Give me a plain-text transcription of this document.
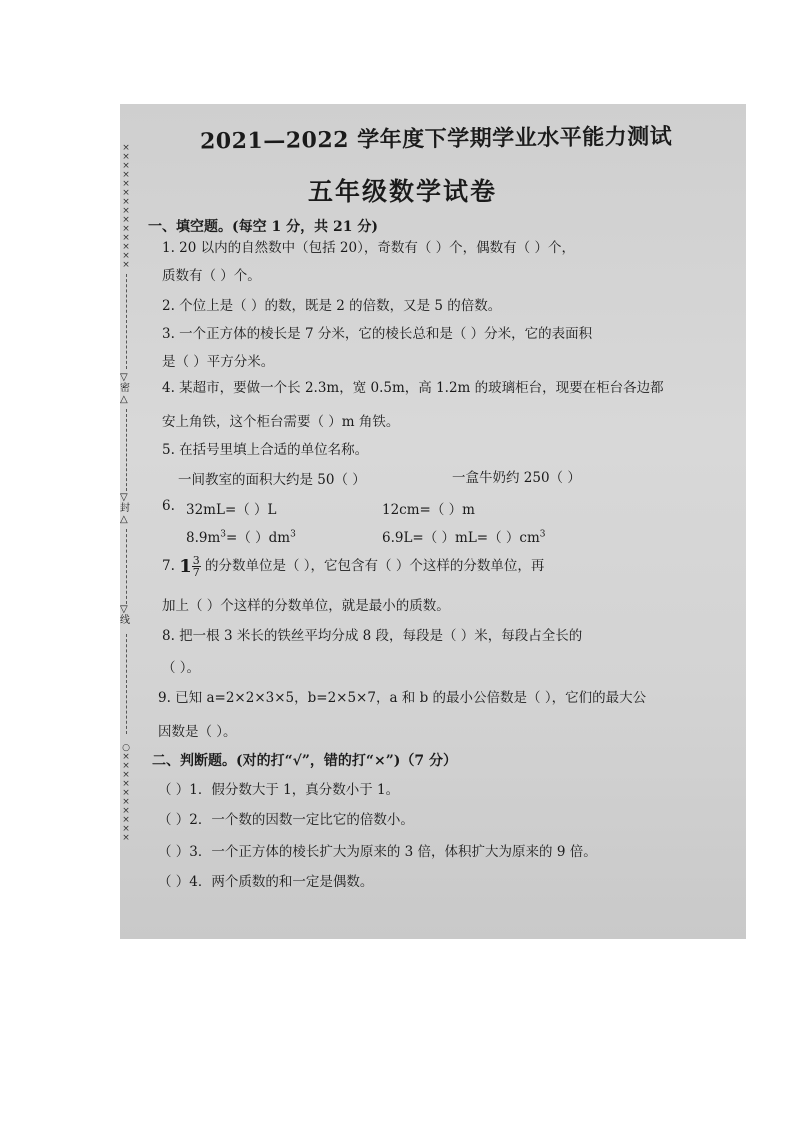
××××××××××××××
▽
密
△
▽
封
△
▽
线
○××××××××××
2021—2022 学年度下学期学业水平能力测试
五年级数学试卷
一、填空题。(每空 1 分，共 21 分)
1. 20 以内的自然数中（包括 20），奇数有（ ）个，偶数有（ ）个，
质数有（ ）个。
2. 个位上是（ ）的数，既是 2 的倍数，又是 5 的倍数。
3. 一个正方体的棱长是 7 分米，它的棱长总和是（ ）分米，它的表面积
是（ ）平方分米。
4. 某超市，要做一个长 2.3m，宽 0.5m，高 1.2m 的玻璃柜台，现要在柜台各边都
安上角铁，这个柜台需要（ ）m 角铁。
5. 在括号里填上合适的单位名称。
一间教室的面积大约是 50（ ）	一盒牛奶约 250（ ）
6. 32mL=（ ）L	12cm=（ ）m
$8.9m^3=$（ ）$dm^3$	6.9L=（ ）mL=（ ）$cm^3$
7. $1 \frac{3}{7}$ 的分数单位是（ ），它包含有（ ）个这样的分数单位，再
加上（ ）个这样的分数单位，就是最小的质数。
8. 把一根 3 米长的铁丝平均分成 8 段，每段是（ ）米，每段占全长的
（ ）。
9. 已知 a=2×2×3×5，b=2×5×7，a 和 b 的最小公倍数是（ ），它们的最大公
因数是（ ）。
二、判断题。(对的打“√”，错的打“×”)（7 分）
（ ）1．假分数大于 1，真分数小于 1。
（ ）2．一个数的因数一定比它的倍数小。
（ ）3．一个正方体的棱长扩大为原来的 3 倍，体积扩大为原来的 9 倍。
（ ）4．两个质数的和一定是偶数。
